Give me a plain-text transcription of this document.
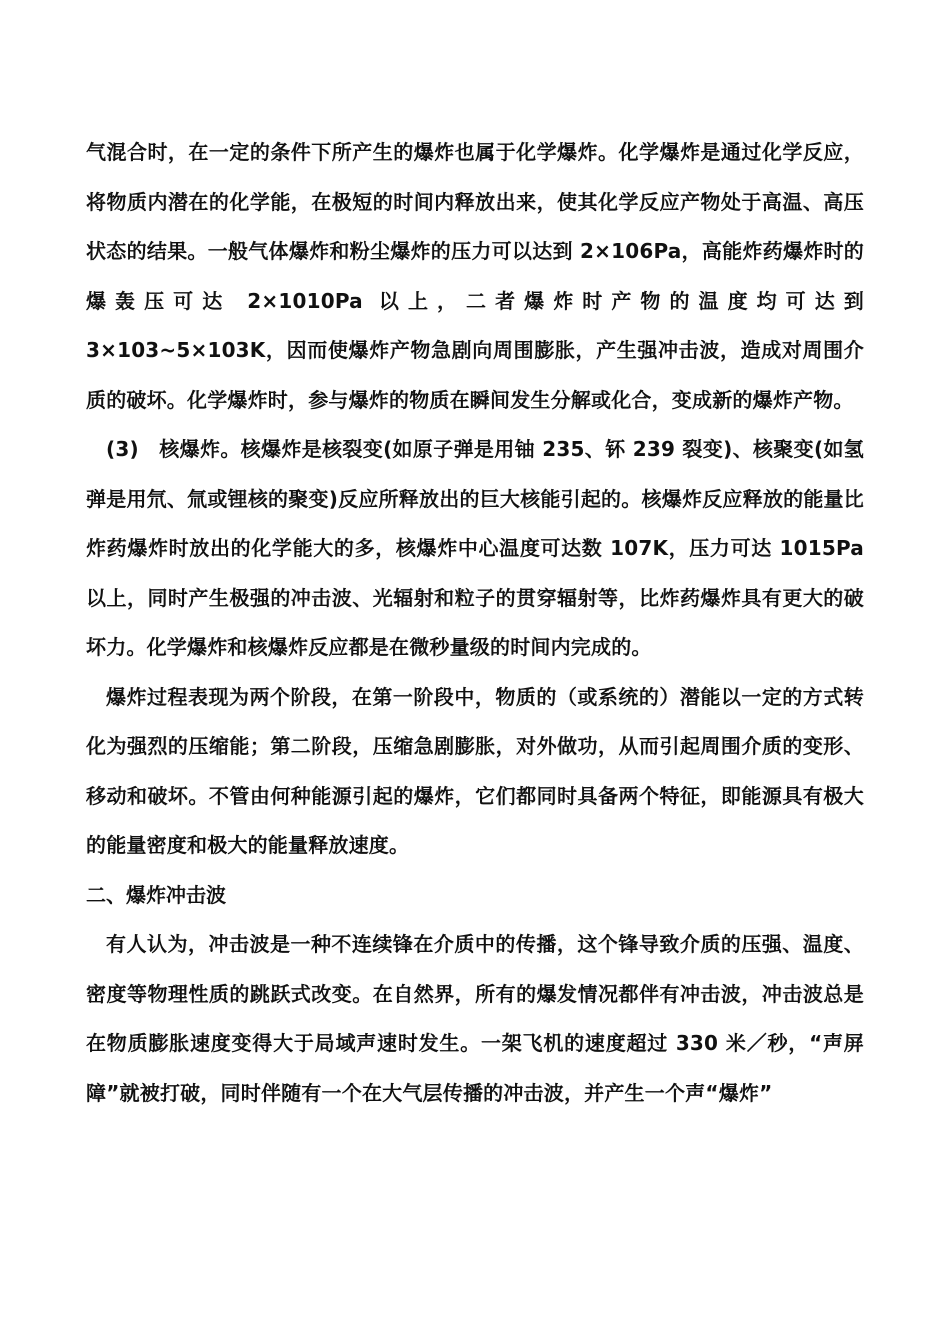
气混合时，在一定的条件下所产生的爆炸也属于化学爆炸。化学爆炸是通过化学反应，将物质内潜在的化学能，在极短的时间内释放出来，使其化学反应产物处于高温、高压状态的结果。一般气体爆炸和粉尘爆炸的压力可以达到 2×106Pa，高能炸药爆炸时的爆轰压可达 2×1010Pa 以上，二者爆炸时产物的温度均可达到 3×103~5×103K，因而使爆炸产物急剧向周围膨胀，产生强冲击波，造成对周围介质的破坏。化学爆炸时，参与爆炸的物质在瞬间发生分解或化合，变成新的爆炸产物。

(3)　核爆炸。核爆炸是核裂变(如原子弹是用铀 235、钚 239 裂变)、核聚变(如氢弹是用氘、氚或锂核的聚变)反应所释放出的巨大核能引起的。核爆炸反应释放的能量比炸药爆炸时放出的化学能大的多，核爆炸中心温度可达数 107K，压力可达 1015Pa 以上，同时产生极强的冲击波、光辐射和粒子的贯穿辐射等，比炸药爆炸具有更大的破坏力。化学爆炸和核爆炸反应都是在微秒量级的时间内完成的。

爆炸过程表现为两个阶段，在第一阶段中，物质的（或系统的）潜能以一定的方式转化为强烈的压缩能；第二阶段，压缩急剧膨胀，对外做功，从而引起周围介质的变形、移动和破坏。不管由何种能源引起的爆炸，它们都同时具备两个特征，即能源具有极大的能量密度和极大的能量释放速度。

二、爆炸冲击波

有人认为，冲击波是一种不连续锋在介质中的传播，这个锋导致介质的压强、温度、密度等物理性质的跳跃式改变。在自然界，所有的爆发情况都伴有冲击波，冲击波总是在物质膨胀速度变得大于局域声速时发生。一架飞机的速度超过 330 米／秒，“声屏障”就被打破，同时伴随有一个在大气层传播的冲击波，并产生一个声“爆炸”
